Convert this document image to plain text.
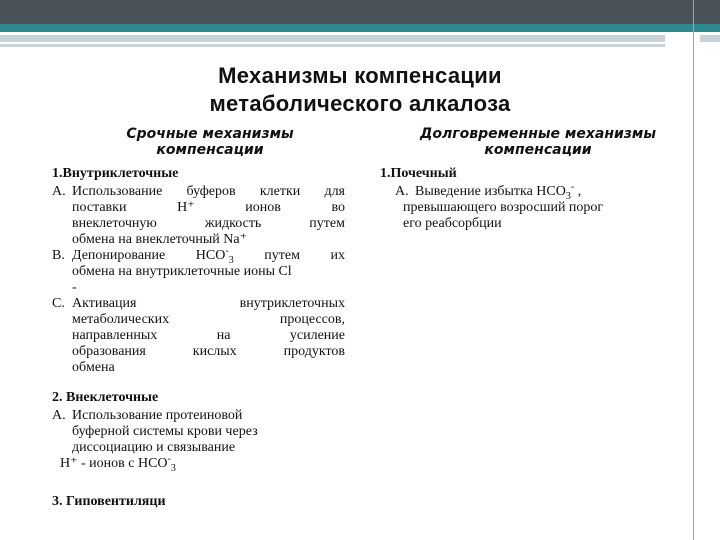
Механизмы компенсации
метаболического алкалоза
Срочные механизмы
компенсации
1.Внутриклеточные
A. Использование буферов клетки для
поставки Н⁺ ионов во
внеклеточную жидкость путем
обмена на внеклеточный Na⁺
B. Депонирование $НСО^-_3$ путем их
обмена на внутриклеточные ионы Cl
-
C. Активация внутриклеточных
метаболических процессов,
направленных на усиление
образования кислых продуктов
обмена
2. Внеклеточные
A. Использование протеиновой
буферной системы крови через
диссоциацию и связывание
Н⁺ - ионов с $НСО^-_3$
3. Гиповентиляци
Долговременные механизмы
компенсации
1.Почечный
A. Выведение избытка $НСО_3^-$ ,
превышающего возросший порог
его реабсорбции
